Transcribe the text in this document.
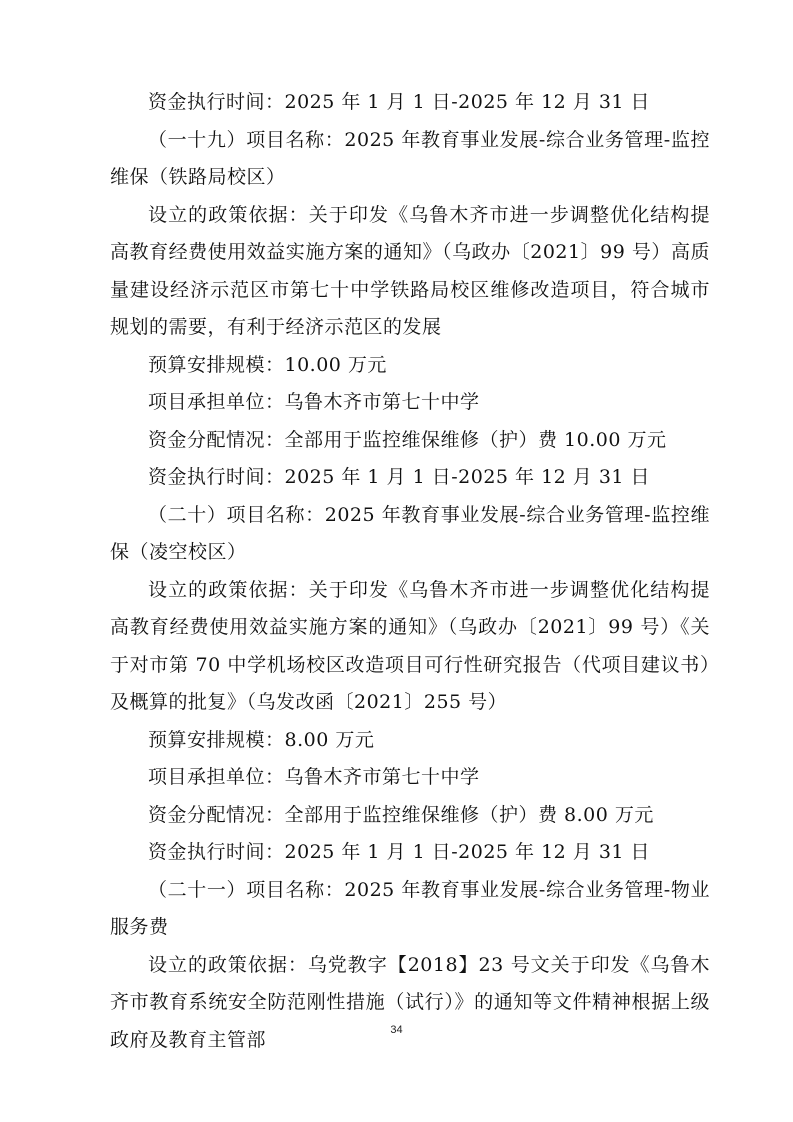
资金执行时间：2025 年 1 月 1 日-2025 年 12 月 31 日

（一十九）项目名称：2025 年教育事业发展-综合业务管理-监控维保（铁路局校区）

设立的政策依据：关于印发《乌鲁木齐市进一步调整优化结构提高教育经费使用效益实施方案的通知》（乌政办〔2021〕99 号）高质量建设经济示范区市第七十中学铁路局校区维修改造项目，符合城市规划的需要，有利于经济示范区的发展

预算安排规模：10.00 万元

项目承担单位：乌鲁木齐市第七十中学

资金分配情况：全部用于监控维保维修（护）费 10.00 万元

资金执行时间：2025 年 1 月 1 日-2025 年 12 月 31 日

（二十）项目名称：2025 年教育事业发展-综合业务管理-监控维保（凌空校区）

设立的政策依据：关于印发《乌鲁木齐市进一步调整优化结构提高教育经费使用效益实施方案的通知》（乌政办〔2021〕99 号）《关于对市第 70 中学机场校区改造项目可行性研究报告（代项目建议书）及概算的批复》（乌发改函〔2021〕255 号）

预算安排规模：8.00 万元

项目承担单位：乌鲁木齐市第七十中学

资金分配情况：全部用于监控维保维修（护）费 8.00 万元

资金执行时间：2025 年 1 月 1 日-2025 年 12 月 31 日

（二十一）项目名称：2025 年教育事业发展-综合业务管理-物业服务费

设立的政策依据：乌党教字【2018】23 号文关于印发《乌鲁木齐市教育系统安全防范刚性措施（试行）》的通知等文件精神根据上级政府及教育主管部	34
